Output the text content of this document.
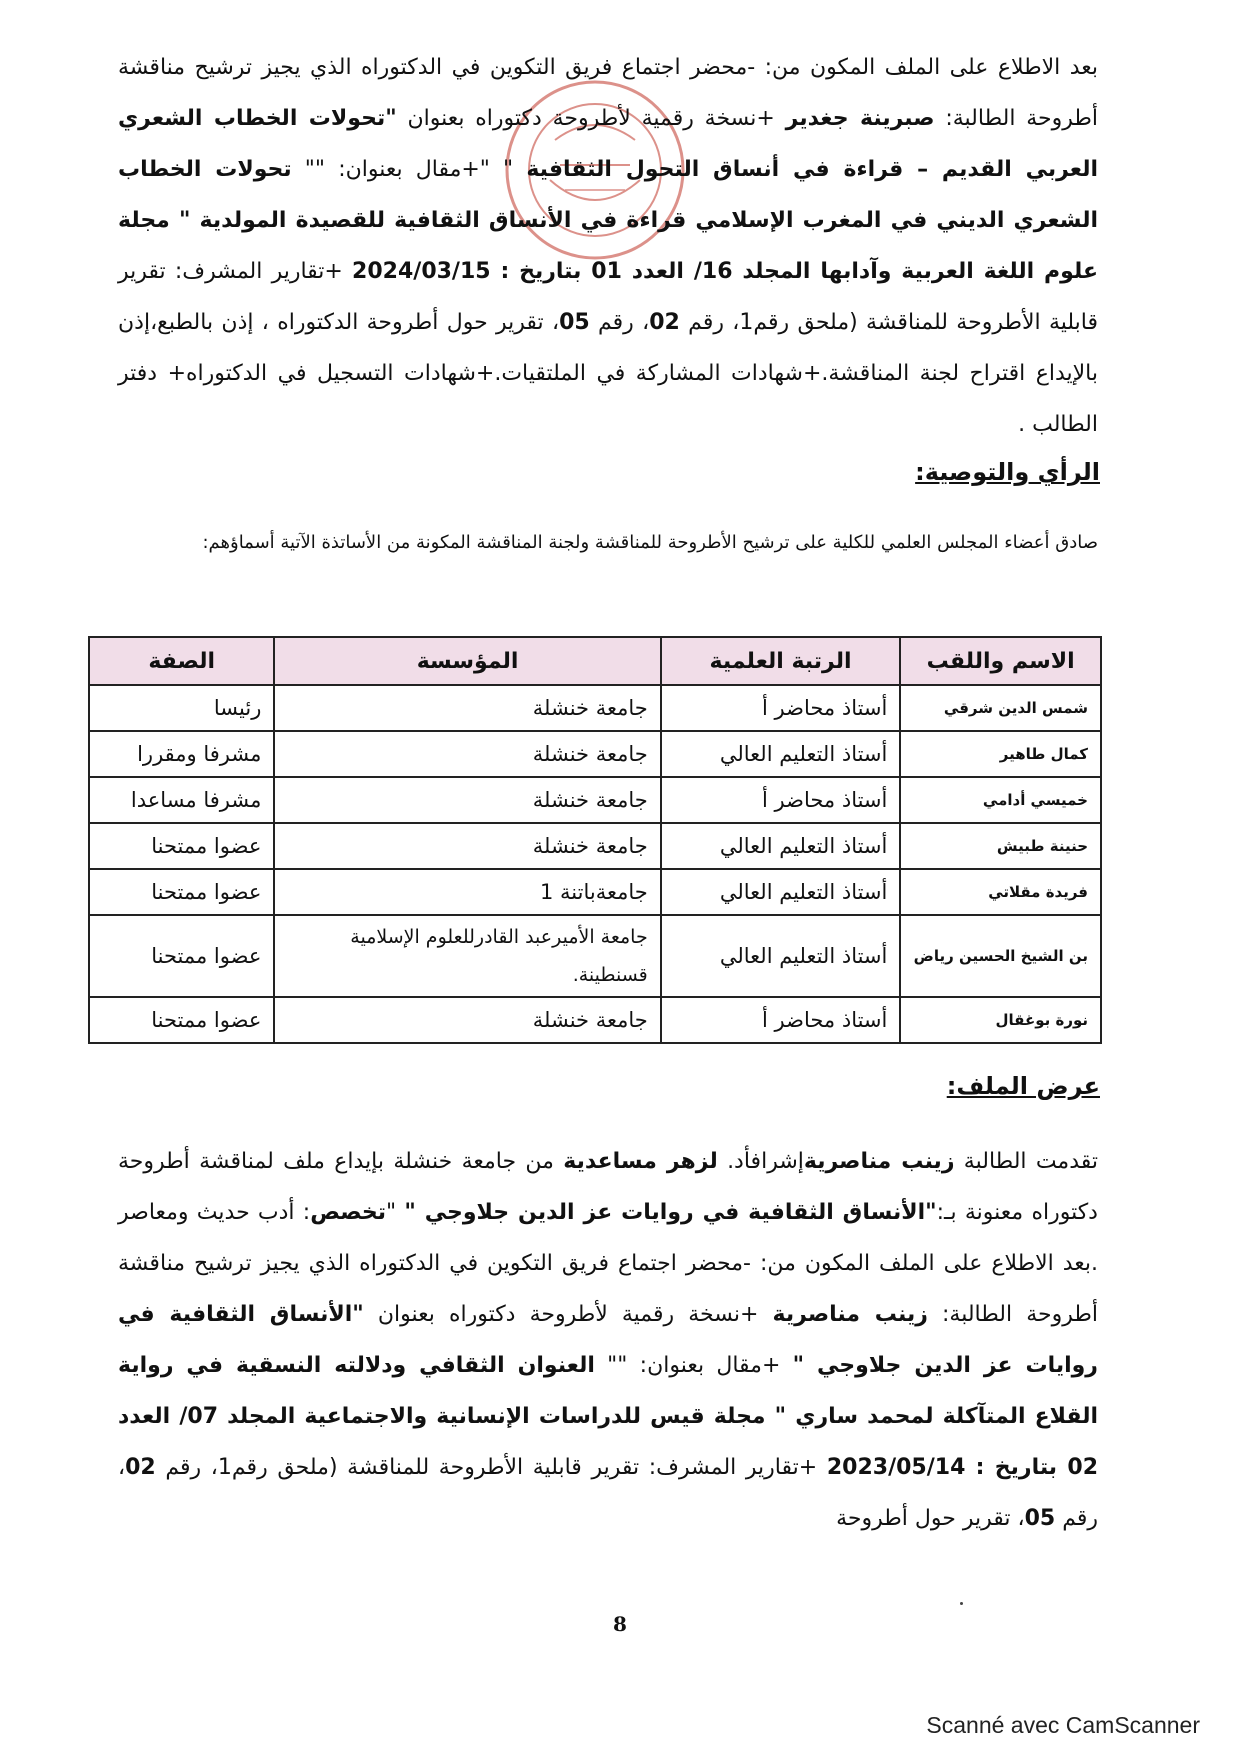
بعد الاطلاع على الملف المكون من: -محضر اجتماع فريق التكوين في الدكتوراه الذي يجيز ترشيح مناقشة أطروحة الطالبة: صبرينة جغدير +نسخة رقمية لأطروحة دكتوراه بعنوان "تحولات الخطاب الشعري العربي القديم – قراءة في أنساق التحول الثقافية " "+مقال بعنوان: "" تحولات الخطاب الشعري الديني في المغرب الإسلامي قراءة في الأنساق الثقافية للقصيدة المولدية " مجلة علوم اللغة العربية وآدابها المجلد 16/ العدد 01 بتاريخ : 2024/03/15 +تقارير المشرف: تقرير قابلية الأطروحة للمناقشة (ملحق رقم1، رقم 02، رقم 05، تقرير حول أطروحة الدكتوراه ، إذن بالطبع،إذن بالإيداع اقتراح لجنة المناقشة.+شهادات المشاركة في الملتقيات.+شهادات التسجيل في الدكتوراه+ دفتر الطالب .
الرأي والتوصية:
صادق أعضاء المجلس العلمي للكلية على ترشيح الأطروحة للمناقشة ولجنة المناقشة المكونة من الأساتذة الآتية أسماؤهم:
الاسم واللقب	الرتبة العلمية	المؤسسة	الصفة
شمس الدين شرقي	أستاذ محاضر أ	جامعة خنشلة	رئيسا
كمال طاهير	أستاذ التعليم العالي	جامعة خنشلة	مشرفا ومقررا
خميسي أدامي	أستاذ محاضر أ	جامعة خنشلة	مشرفا مساعدا
حنينة طبيش	أستاذ التعليم العالي	جامعة خنشلة	عضوا ممتحنا
فريدة مقلاتي	أستاذ التعليم العالي	جامعةباتنة 1	عضوا ممتحنا
بن الشيخ الحسين رياض	أستاذ التعليم العالي	جامعة الأميرعبد القادرللعلوم الإسلامية قسنطينة.	عضوا ممتحنا
نورة بوغقال	أستاذ محاضر أ	جامعة خنشلة	عضوا ممتحنا
عرض الملف:
تقدمت الطالبة زينب مناصريةإشرافأد. لزهر مساعدية من جامعة خنشلة بإيداع ملف لمناقشة أطروحة دكتوراه معنونة بـ:"الأنساق الثقافية في روايات عز الدين جلاوجي " "تخصص: أدب حديث ومعاصر .بعد الاطلاع على الملف المكون من: -محضر اجتماع فريق التكوين في الدكتوراه الذي يجيز ترشيح مناقشة أطروحة الطالبة: زينب مناصرية +نسخة رقمية لأطروحة دكتوراه بعنوان "الأنساق الثقافية في روايات عز الدين جلاوجي " +مقال بعنوان: "" العنوان الثقافي ودلالته النسقية في رواية القلاع المتآكلة لمحمد ساري " مجلة قيس للدراسات الإنسانية والاجتماعية المجلد 07/ العدد 02 بتاريخ : 2023/05/14 +تقارير المشرف: تقرير قابلية الأطروحة للمناقشة (ملحق رقم1، رقم 02، رقم 05، تقرير حول أطروحة
8
Scanné avec CamScanner
